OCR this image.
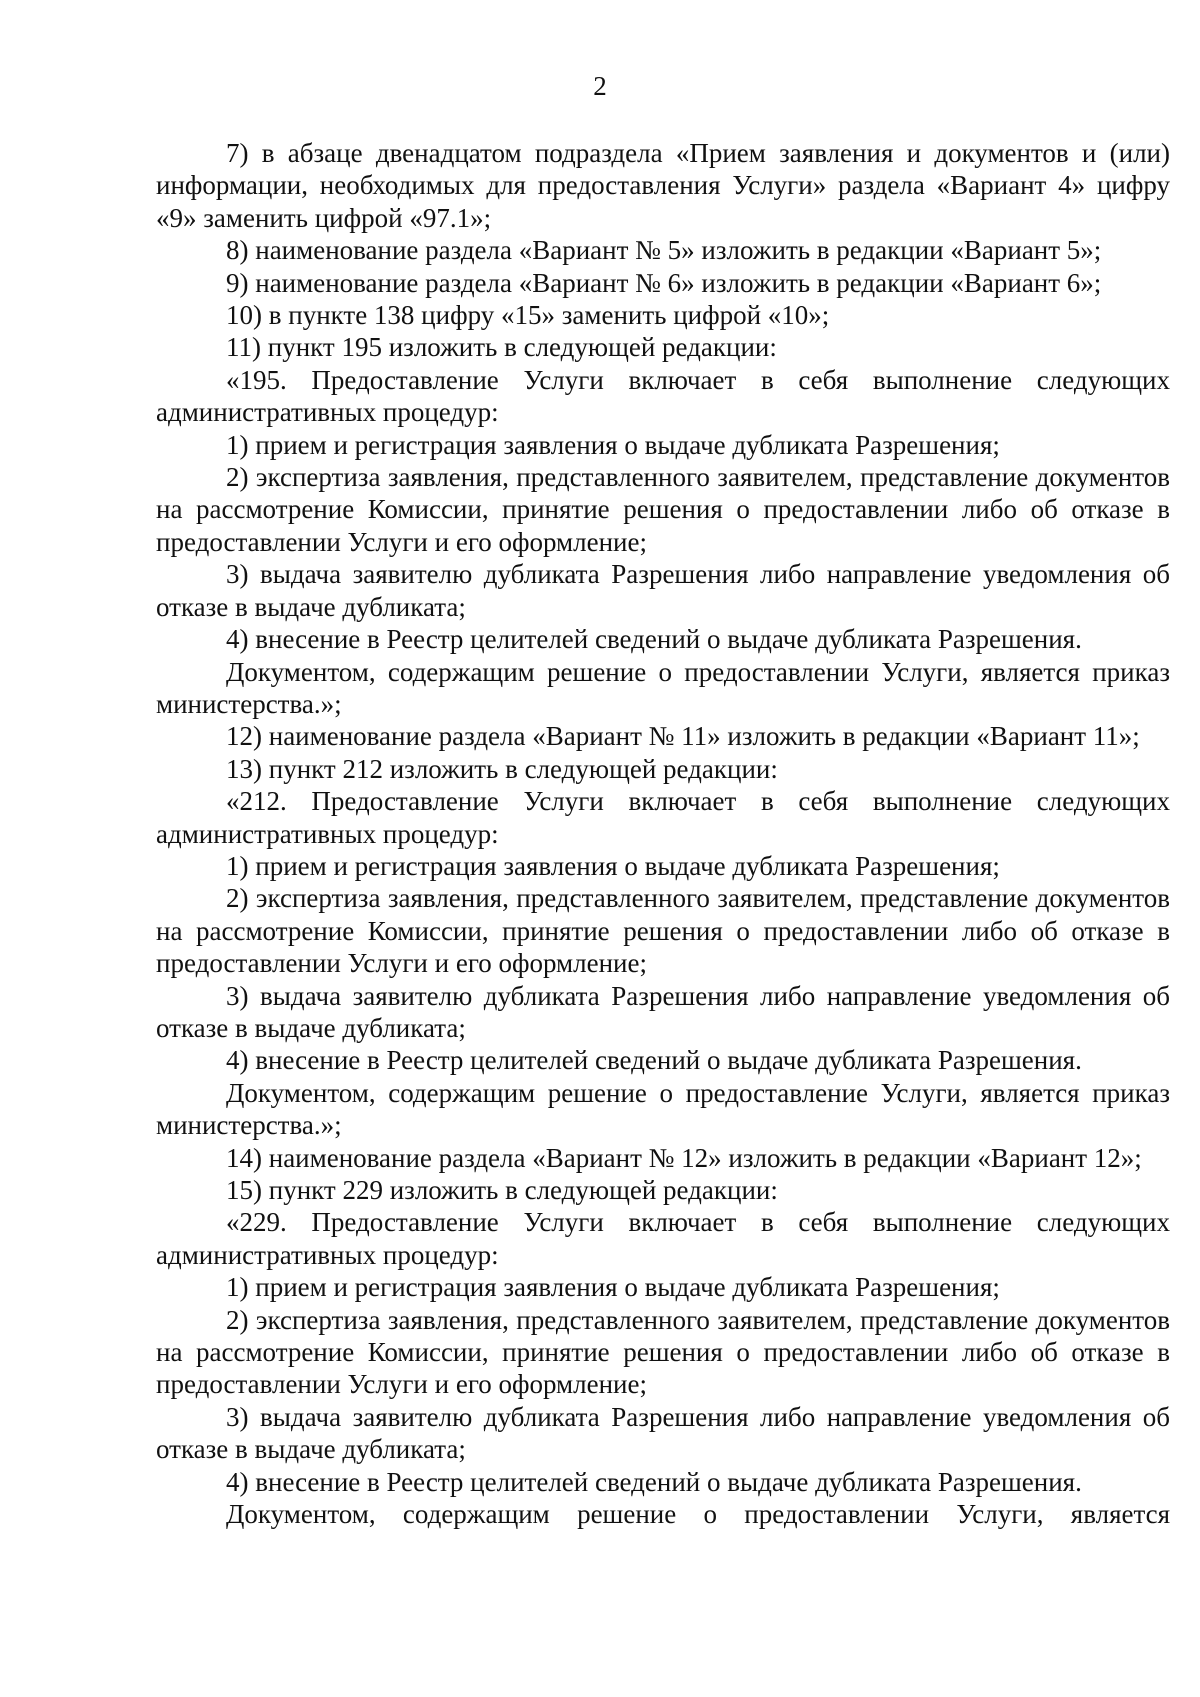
2

7) в абзаце двенадцатом подраздела «Прием заявления и документов и (или) информации, необходимых для предоставления Услуги» раздела «Вариант 4» цифру «9» заменить цифрой «97.1»;

8) наименование раздела «Вариант № 5» изложить в редакции «Вариант 5»;

9) наименование раздела «Вариант № 6» изложить в редакции «Вариант 6»;

10) в пункте 138 цифру «15» заменить цифрой «10»;

11) пункт 195 изложить в следующей редакции:

«195. Предоставление Услуги включает в себя выполнение следующих административных процедур:

1) прием и регистрация заявления о выдаче дубликата Разрешения;

2) экспертиза заявления, представленного заявителем, представление документов на рассмотрение Комиссии, принятие решения о предоставлении либо об отказе в предоставлении Услуги и его оформление;

3) выдача заявителю дубликата Разрешения либо направление уведомления об отказе в выдаче дубликата;

4) внесение в Реестр целителей сведений о выдаче дубликата Разрешения.

Документом, содержащим решение о предоставлении Услуги, является приказ министерства.»;

12) наименование раздела «Вариант № 11» изложить в редакции «Вариант 11»;

13) пункт 212 изложить в следующей редакции:

«212. Предоставление Услуги включает в себя выполнение следующих административных процедур:

1) прием и регистрация заявления о выдаче дубликата Разрешения;

2) экспертиза заявления, представленного заявителем, представление документов на рассмотрение Комиссии, принятие решения о предоставлении либо об отказе в предоставлении Услуги и его оформление;

3) выдача заявителю дубликата Разрешения либо направление уведомления об отказе в выдаче дубликата;

4) внесение в Реестр целителей сведений о выдаче дубликата Разрешения.

Документом, содержащим решение о предоставление Услуги, является приказ министерства.»;

14) наименование раздела «Вариант № 12» изложить в редакции «Вариант 12»;

15) пункт 229 изложить в следующей редакции:

«229. Предоставление Услуги включает в себя выполнение следующих административных процедур:

1) прием и регистрация заявления о выдаче дубликата Разрешения;

2) экспертиза заявления, представленного заявителем, представление документов на рассмотрение Комиссии, принятие решения о предоставлении либо об отказе в предоставлении Услуги и его оформление;

3) выдача заявителю дубликата Разрешения либо направление уведомления об отказе в выдаче дубликата;

4) внесение в Реестр целителей сведений о выдаче дубликата Разрешения.

Документом, содержащим решение о предоставлении Услуги, является
